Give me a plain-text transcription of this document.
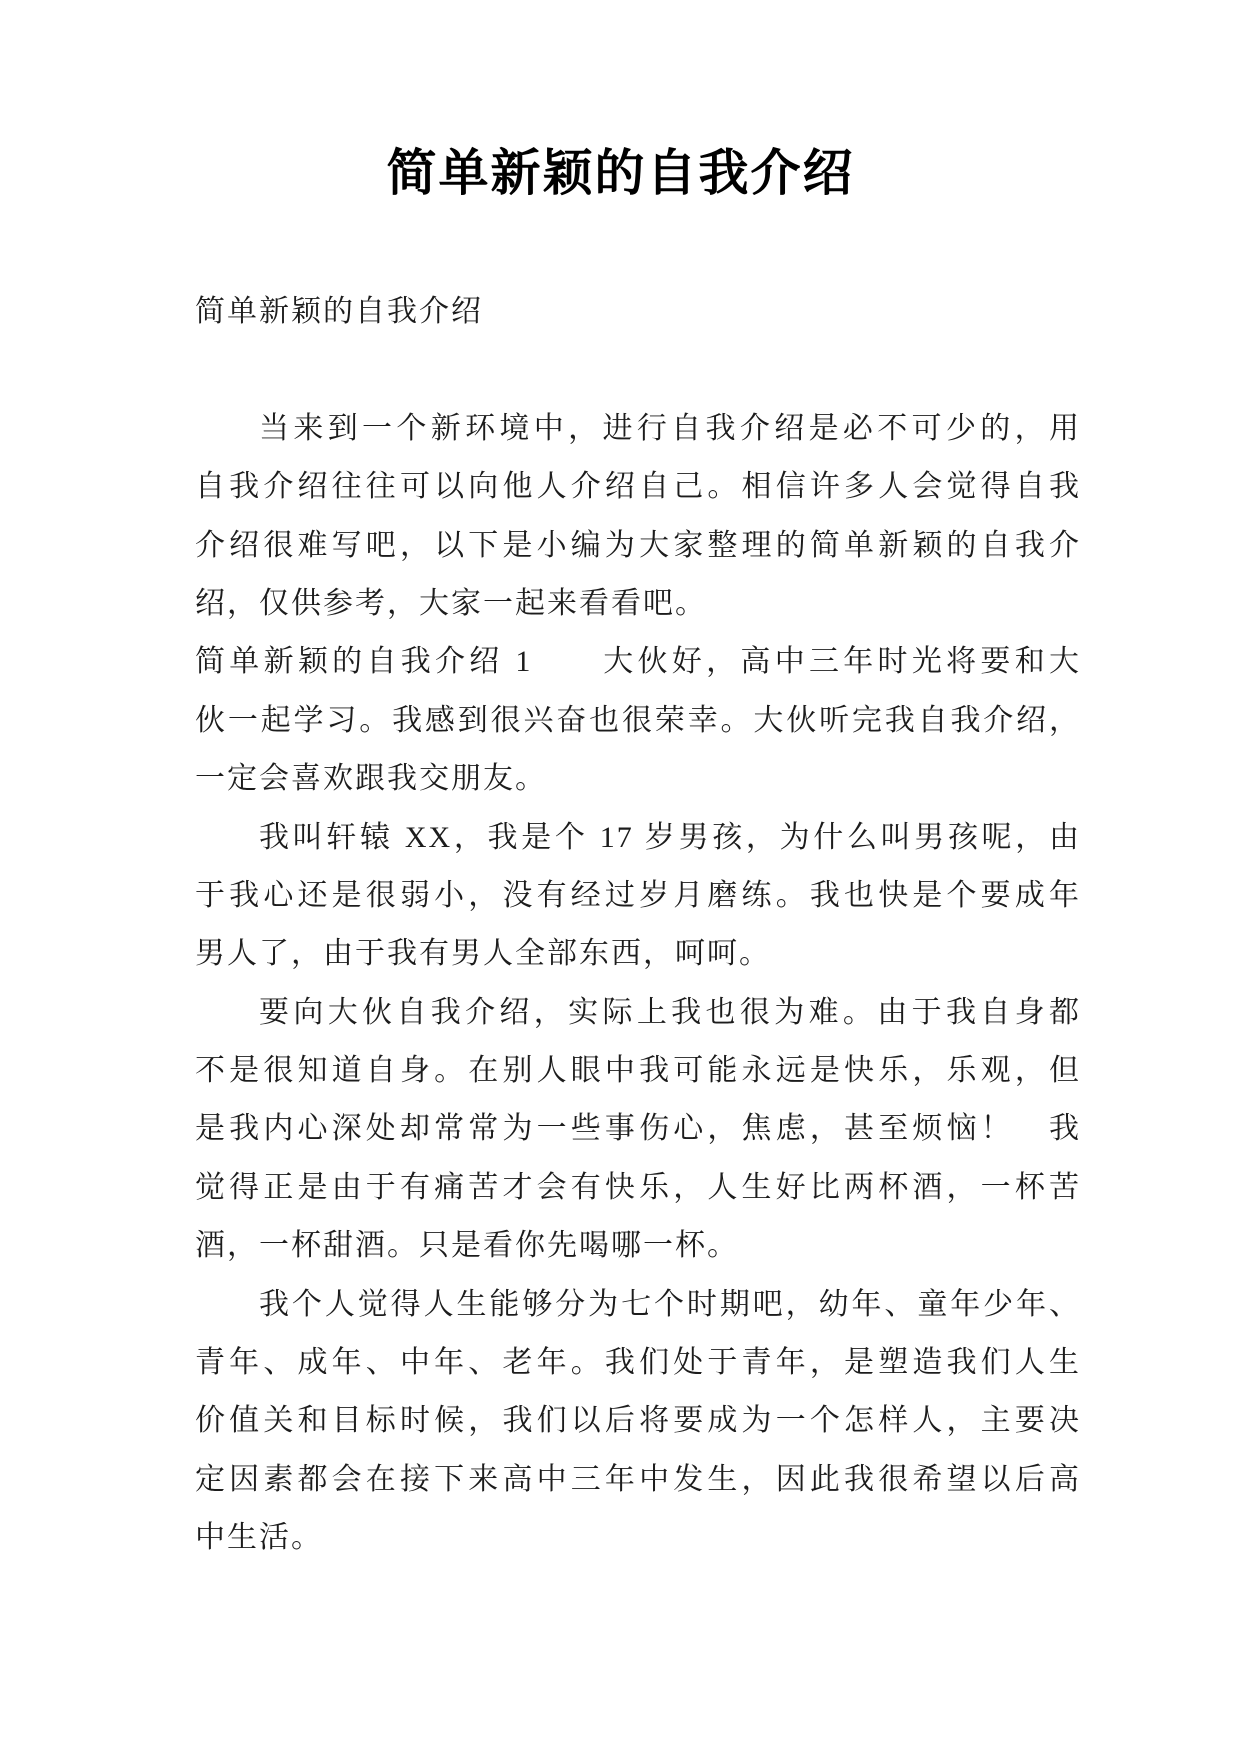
简单新颖的自我介绍
简单新颖的自我介绍
当来到一个新环境中，进行自我介绍是必不可少的，用
自我介绍往往可以向他人介绍自己。相信许多人会觉得自我
介绍很难写吧，以下是小编为大家整理的简单新颖的自我介
绍，仅供参考，大家一起来看看吧。
简单新颖的自我介绍 1　　大伙好，高中三年时光将要和大
伙一起学习。我感到很兴奋也很荣幸。大伙听完我自我介绍，
一定会喜欢跟我交朋友。
我叫轩辕 XX，我是个 17 岁男孩，为什么叫男孩呢，由
于我心还是很弱小，没有经过岁月磨练。我也快是个要成年
男人了，由于我有男人全部东西，呵呵。
要向大伙自我介绍，实际上我也很为难。由于我自身都
不是很知道自身。在别人眼中我可能永远是快乐，乐观，但
是我内心深处却常常为一些事伤心，焦虑，甚至烦恼！　我
觉得正是由于有痛苦才会有快乐，人生好比两杯酒，一杯苦
酒，一杯甜酒。只是看你先喝哪一杯。
我个人觉得人生能够分为七个时期吧，幼年、童年少年、
青年、成年、中年、老年。我们处于青年，是塑造我们人生
价值关和目标时候，我们以后将要成为一个怎样人，主要决
定因素都会在接下来高中三年中发生，因此我很希望以后高
中生活。
